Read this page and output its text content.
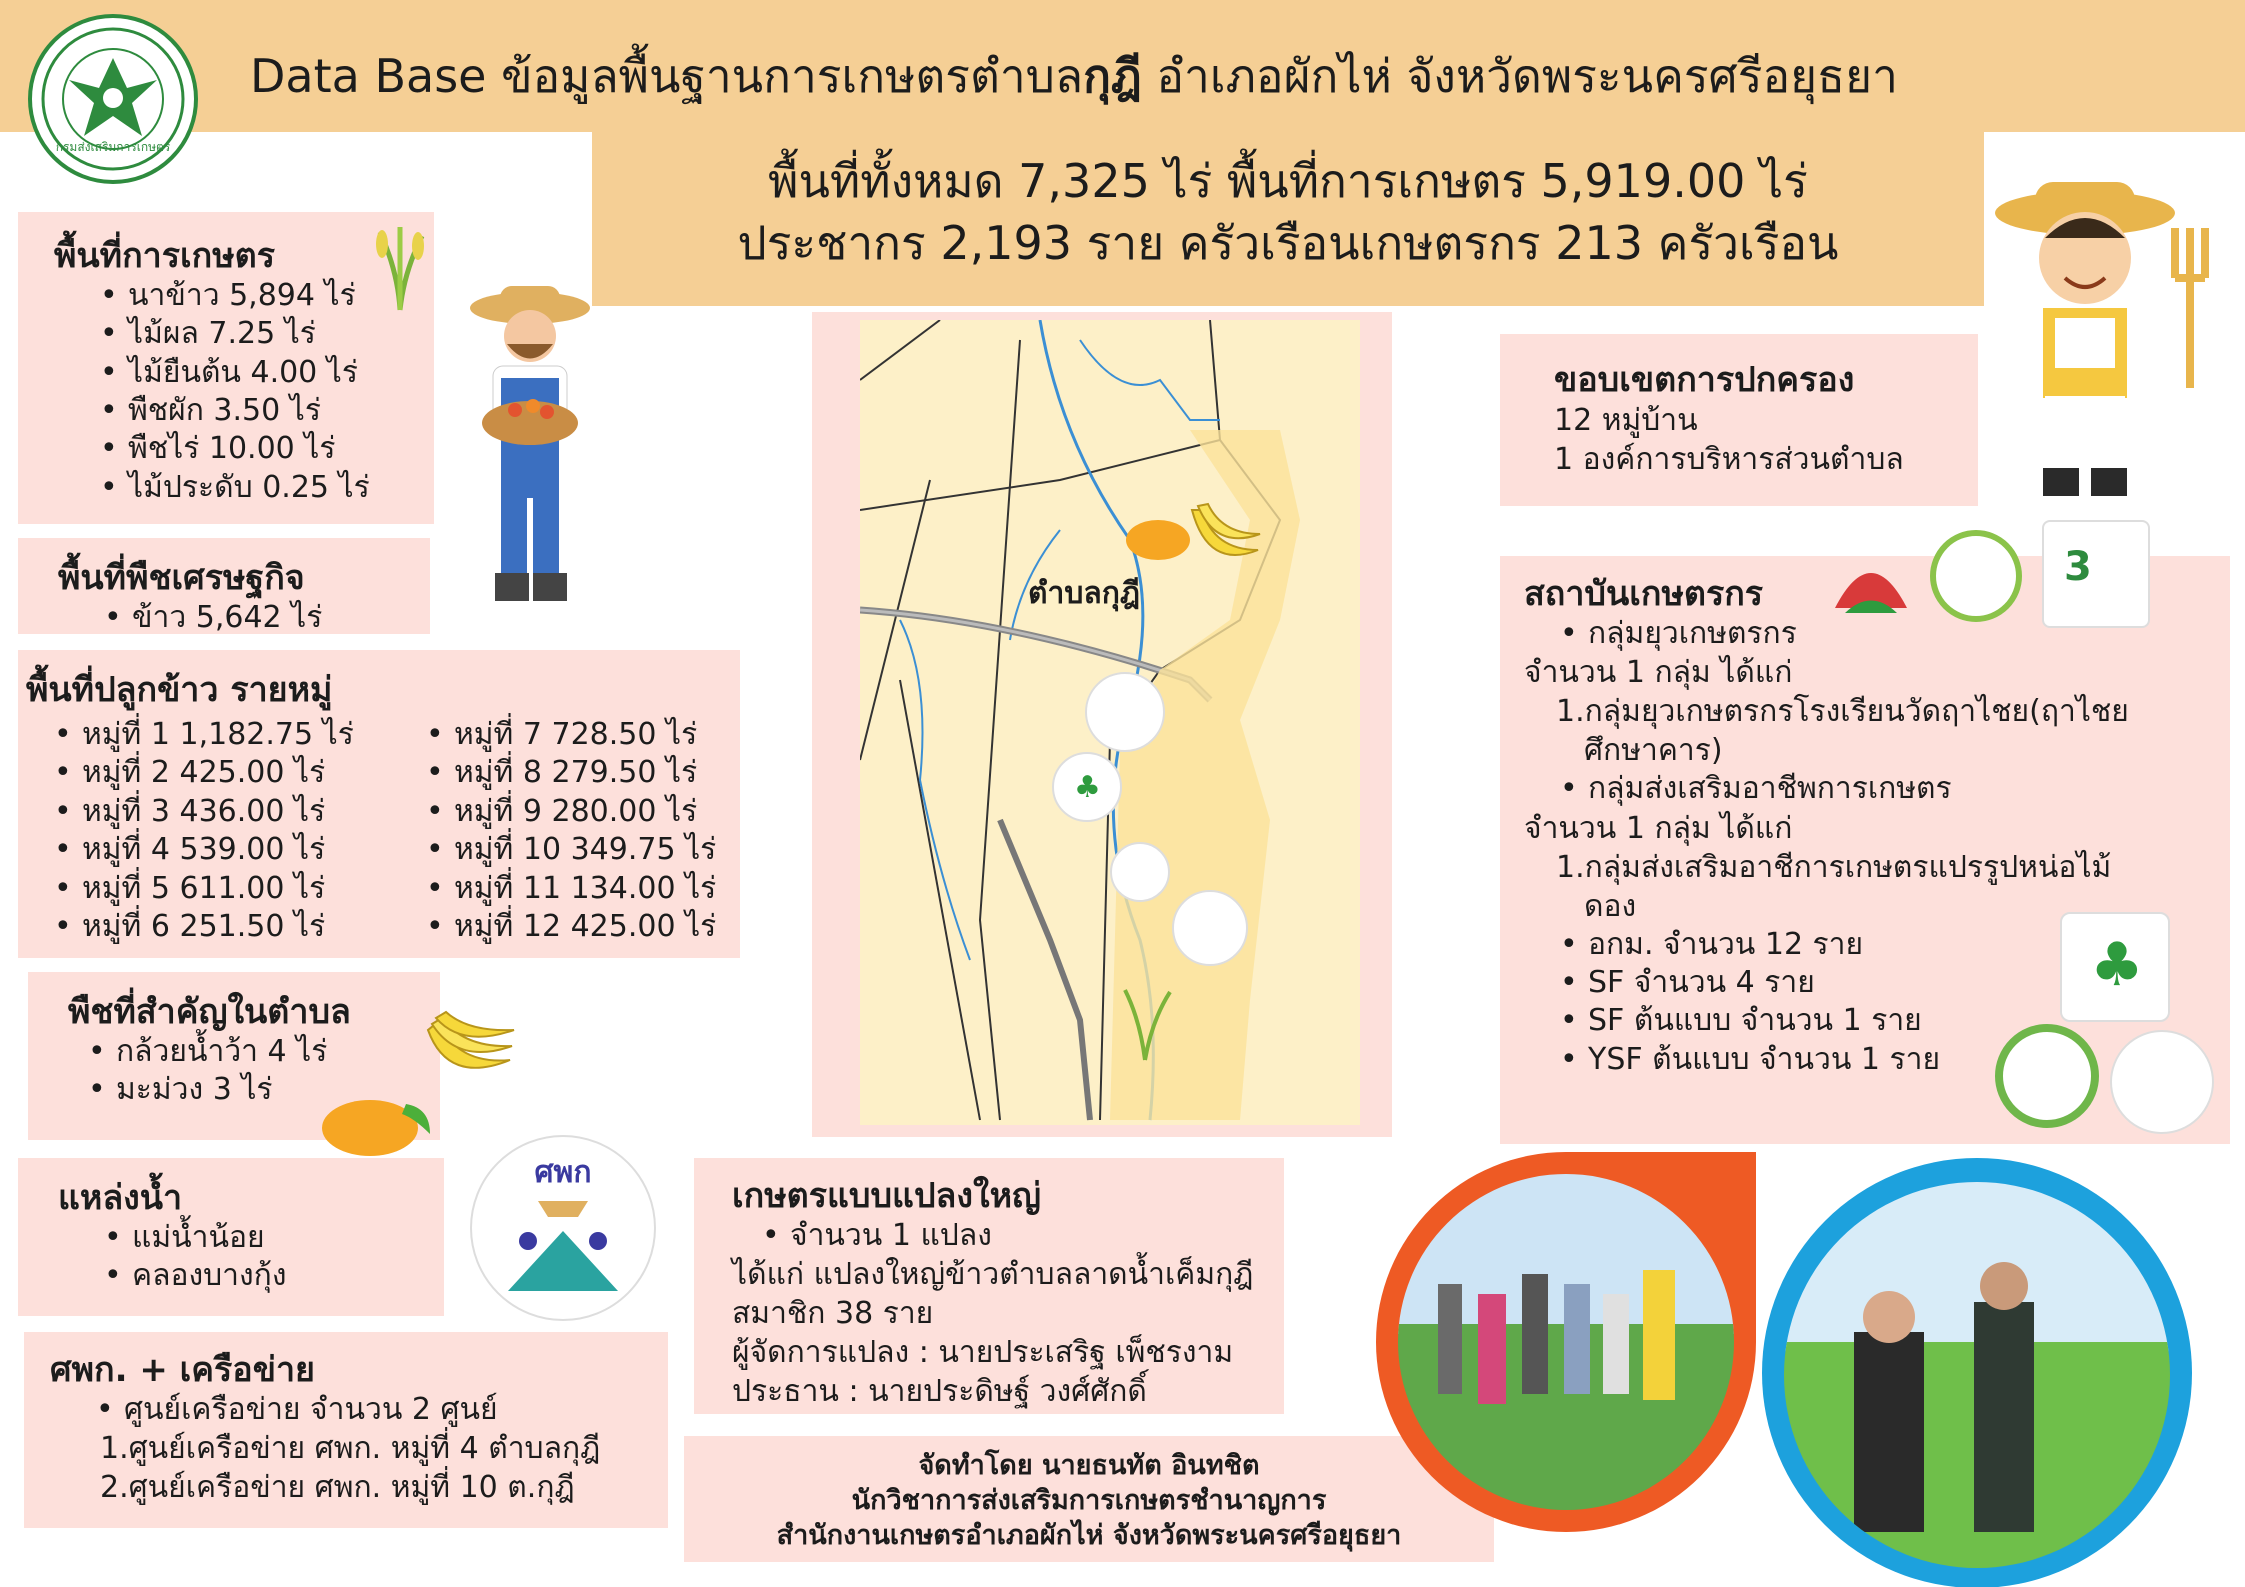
Data Base ข้อมูลพื้นฐานการเกษตรตำบลกุฎี อำเภอผักไห่ จังหวัดพระนครศรีอยุธยา
กรมส่งเสริมการเกษตร
พื้นที่ทั้งหมด 7,325 ไร่ พื้นที่การเกษตร 5,919.00 ไร่
ประชากร 2,193 ราย ครัวเรือนเกษตรกร 213 ครัวเรือน
พื้นที่การเกษตร
• นาข้าว 5,894 ไร่
• ไม้ผล 7.25 ไร่
• ไม้ยืนต้น 4.00 ไร่
• พืชผัก 3.50 ไร่
• พืชไร่ 10.00 ไร่
• ไม้ประดับ 0.25 ไร่
พื้นที่พืชเศรษฐกิจ
• ข้าว 5,642 ไร่
พื้นที่ปลูกข้าว รายหมู่
• หมู่ที่ 1 1,182.75 ไร่
• หมู่ที่ 2 425.00 ไร่
• หมู่ที่ 3 436.00 ไร่
• หมู่ที่ 4 539.00 ไร่
• หมู่ที่ 5 611.00 ไร่
• หมู่ที่ 6 251.50 ไร่
• หมู่ที่ 7 728.50 ไร่
• หมู่ที่ 8 279.50 ไร่
• หมู่ที่ 9 280.00 ไร่
• หมู่ที่ 10 349.75 ไร่
• หมู่ที่ 11 134.00 ไร่
• หมู่ที่ 12 425.00 ไร่
พืชที่สำคัญในตำบล
• กล้วยน้ำว้า 4 ไร่
• มะม่วง 3 ไร่
แหล่งน้ำ
• แม่น้ำน้อย
• คลองบางกุ้ง
ศพก
ศพก. + เครือข่าย
• ศูนย์เครือข่าย จำนวน 2 ศูนย์
1.ศูนย์เครือข่าย ศพก. หมู่ที่ 4 ตำบลกุฎี
2.ศูนย์เครือข่าย ศพก. หมู่ที่ 10 ต.กุฎี
ตำบลกุฎี
♣
ขอบเขตการปกครอง
12 หมู่บ้าน
1 องค์การบริหารส่วนตำบล
สถาบันเกษตรกร
• กลุ่มยุวเกษตรกร
จำนวน 1 กลุ่ม ได้แก่
1.กลุ่มยุวเกษตรกรโรงเรียนวัดฤาไชย(ฤาไชย
ศึกษาคาร)
• กลุ่มส่งเสริมอาชีพการเกษตร
จำนวน 1 กลุ่ม ได้แก่
1.กลุ่มส่งเสริมอาชีการเกษตรแปรรูปหน่อไม้
ดอง
• อกม. จำนวน 12 ราย
• SF จำนวน 4 ราย
• SF ต้นแบบ จำนวน 1 ราย
• YSF ต้นแบบ จำนวน 1 ราย
3
♣
เกษตรแบบแปลงใหญ่
• จำนวน 1 แปลง
ได้แก่ แปลงใหญ่ข้าวตำบลลาดน้ำเค็มกุฎี
สมาชิก 38 ราย
ผู้จัดการแปลง : นายประเสริฐ เพ็ชรงาม
ประธาน : นายประดิษฐ์ วงศ์ศักดิ์
จัดทำโดย นายธนทัต อินทชิต
นักวิชาการส่งเสริมการเกษตรชำนาญการ
สำนักงานเกษตรอำเภอผักไห่ จังหวัดพระนครศรีอยุธยา
